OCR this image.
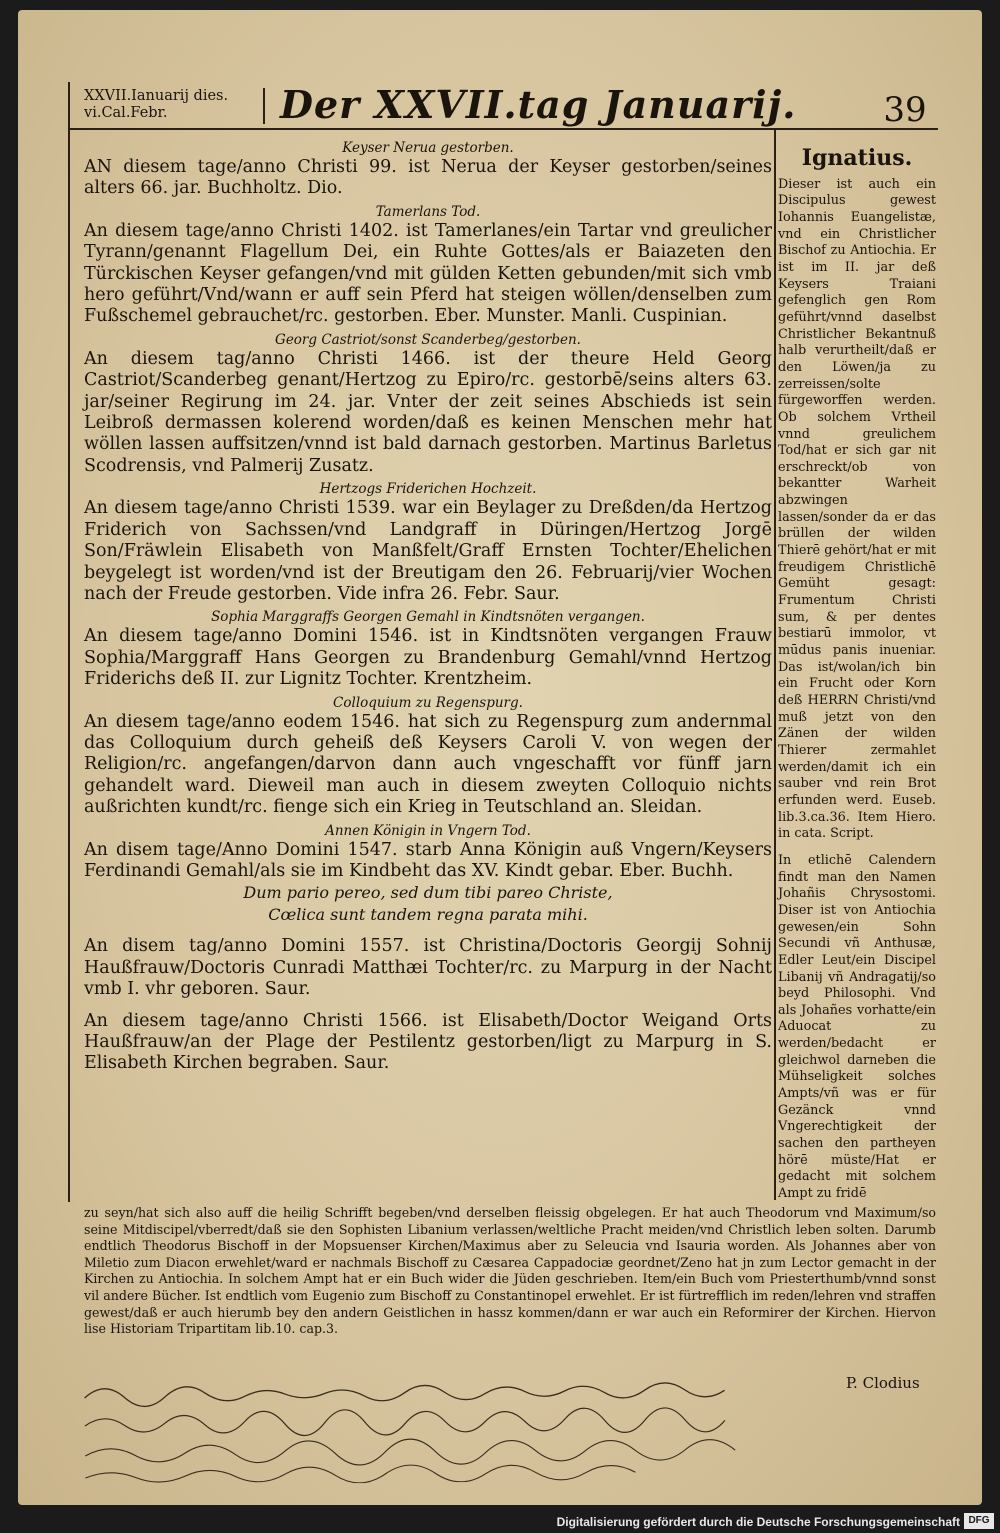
XXVII.Ianuarij dies.
vi.Cal.Febr.	Der XXVII.tag Januarij.	39
Keyser Nerua gestorben.

AN diesem tage/anno Christi 99. ist Nerua der Keyser gestorben/seines alters 66. jar. Buchholtz. Dio.

Tamerlans Tod.

An diesem tage/anno Christi 1402. ist Tamerlanes/ein Tartar vnd greulicher Tyrann/genannt Flagellum Dei, ein Ruhte Gottes/als er Baiazeten den Türckischen Keyser gefangen/vnd mit gülden Ketten gebunden/mit sich vmb hero geführt/Vnd/wann er auff sein Pferd hat steigen wöllen/denselben zum Fußschemel gebrauchet/rc. gestorben. Eber. Munster. Manli. Cuspinian.

Georg Castriot/sonst Scanderbeg/gestorben.

An diesem tag/anno Christi 1466. ist der theure Held Georg Castriot/Scanderbeg genant/Hertzog zu Epiro/rc. gestorbē/seins alters 63. jar/seiner Regirung im 24. jar. Vnter der zeit seines Abschieds ist sein Leibroß dermassen kolerend worden/daß es keinen Menschen mehr hat wöllen lassen auffsitzen/vnnd ist bald darnach gestorben. Martinus Barletus Scodrensis, vnd Palmerij Zusatz.

Hertzogs Friderichen Hochzeit.

An diesem tage/anno Christi 1539. war ein Beylager zu Dreßden/da Hertzog Friderich von Sachssen/vnd Landgraff in Düringen/Hertzog Jorgē Son/Fräwlein Elisabeth von Manßfelt/Graff Ernsten Tochter/Ehelichen beygelegt ist worden/vnd ist der Breutigam den 26. Februarij/vier Wochen nach der Freude gestorben. Vide infra 26. Febr. Saur.

Sophia Marggraffs Georgen Gemahl in Kindtsnöten vergangen.

An diesem tage/anno Domini 1546. ist in Kindtsnöten vergangen Frauw Sophia/Marggraff Hans Georgen zu Brandenburg Gemahl/vnnd Hertzog Friderichs deß II. zur Lignitz Tochter. Krentzheim.

Colloquium zu Regenspurg.

An diesem tage/anno eodem 1546. hat sich zu Regenspurg zum andernmal das Colloquium durch geheiß deß Keysers Caroli V. von wegen der Religion/rc. angefangen/darvon dann auch vngeschafft vor fünff jarn gehandelt ward. Dieweil man auch in diesem zweyten Colloquio nichts außrichten kundt/rc. fienge sich ein Krieg in Teutschland an. Sleidan.

Annen Königin in Vngern Tod.

An disem tage/Anno Domini 1547. starb Anna Königin auß Vngern/Keysers Ferdinandi Gemahl/als sie im Kindbeht das XV. Kindt gebar. Eber. Buchh.

Dum pario pereo, sed dum tibi pareo Christe,
Cœlica sunt tandem regna parata mihi.

An disem tag/anno Domini 1557. ist Christina/Doctoris Georgij Sohnij Haußfrauw/Doctoris Cunradi Matthæi Tochter/rc. zu Marpurg in der Nacht vmb I. vhr geboren. Saur.

An diesem tage/anno Christi 1566. ist Elisabeth/Doctor Weigand Orts Haußfrauw/an der Plage der Pestilentz gestorben/ligt zu Marpurg in S. Elisabeth Kirchen begraben. Saur.

Ignatius.
Dieser ist auch ein Discipulus gewest Iohannis Euangelistæ, vnd ein Christlicher Bischof zu Antiochia. Er ist im II. jar deß Keysers Traiani gefenglich gen Rom geführt/vnnd daselbst Christlicher Bekantnuß halb verurtheilt/daß er den Löwen/ja zu zerreissen/solte fürgeworffen werden. Ob solchem Vrtheil vnnd greulichem Tod/hat er sich gar nit erschreckt/ob von bekantter Warheit abzwingen lassen/sonder da er das brüllen der wilden Thierē gehört/hat er mit freudigem Christlichē Gemüht gesagt: Frumentum Christi sum, & per dentes bestiarū immolor, vt mūdus panis inueniar. Das ist/wolan/ich bin ein Frucht oder Korn deß HERRN Christi/vnd muß jetzt von den Zänen der wilden Thierer zermahlet werden/damit ich ein sauber vnd rein Brot erfunden werd. Euseb. lib.3.ca.36. Item Hiero. in cata. Script.
In etlichē Calendern findt man den Namen Johañis Chrysostomi. Diser ist von Antiochia gewesen/ein Sohn Secundi vñ Anthusæ, Edler Leut/ein Discipel Libanij vñ Andragatij/so beyd Philosophi. Vnd als Johañes vorhatte/ein Aduocat zu werden/bedacht er gleichwol darneben die Mühseligkeit solches Ampts/vñ was er für Gezänck vnnd Vngerechtigkeit der sachen den partheyen hörē müste/Hat er gedacht mit solchem Ampt zu fridē
zu seyn/hat sich also auff die heilig Schrifft begeben/vnd derselben fleissig obgelegen. Er hat auch Theodorum vnd Maximum/so seine Mitdiscipel/vberredt/daß sie den Sophisten Libanium verlassen/weltliche Pracht meiden/vnd Christlich leben solten. Darumb endtlich Theodorus Bischoff in der Mopsuenser Kirchen/Maximus aber zu Seleucia vnd Isauria worden. Als Johannes aber von Miletio zum Diacon erwehlet/ward er nachmals Bischoff zu Cæsarea Cappadociæ geordnet/Zeno hat jn zum Lector gemacht in der Kirchen zu Antiochia. In solchem Ampt hat er ein Buch wider die Jüden geschrieben. Item/ein Buch vom Priesterthumb/vnnd sonst vil andere Bücher. Ist endtlich vom Eugenio zum Bischoff zu Constantinopel erwehlet. Er ist fürtrefflich im reden/lehren vnd straffen gewest/daß er auch hierumb bey den andern Geistlichen in hassz kommen/dann er war auch ein Reformirer der Kirchen. Hiervon lise Historiam Tripartitam lib.10. cap.3.
P. Clodius
Digitalisierung gefördert durch die Deutsche Forschungsgemeinschaft DFG
